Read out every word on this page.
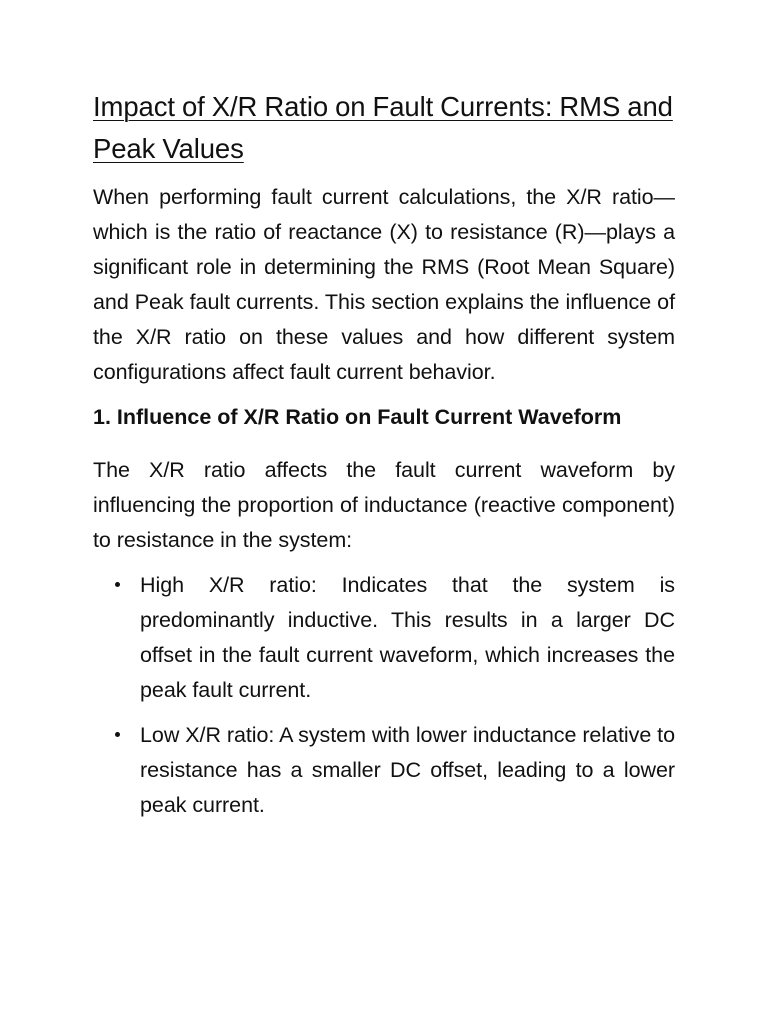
Impact of X/R Ratio on Fault Currents: RMS and Peak Values

When performing fault current calculations, the X/R ratio—which is the ratio of reactance (X) to resistance (R)—plays a significant role in determining the RMS (Root Mean Square) and Peak fault currents. This section explains the influence of the X/R ratio on these values and how different system configurations affect fault current behavior.

1. Influence of X/R Ratio on Fault Current Waveform

The X/R ratio affects the fault current waveform by influencing the proportion of inductance (reactive component) to resistance in the system:

High X/R ratio: Indicates that the system is predominantly inductive. This results in a larger DC offset in the fault current waveform, which increases the peak fault current.

Low X/R ratio: A system with lower inductance relative to resistance has a smaller DC offset, leading to a lower peak current.
